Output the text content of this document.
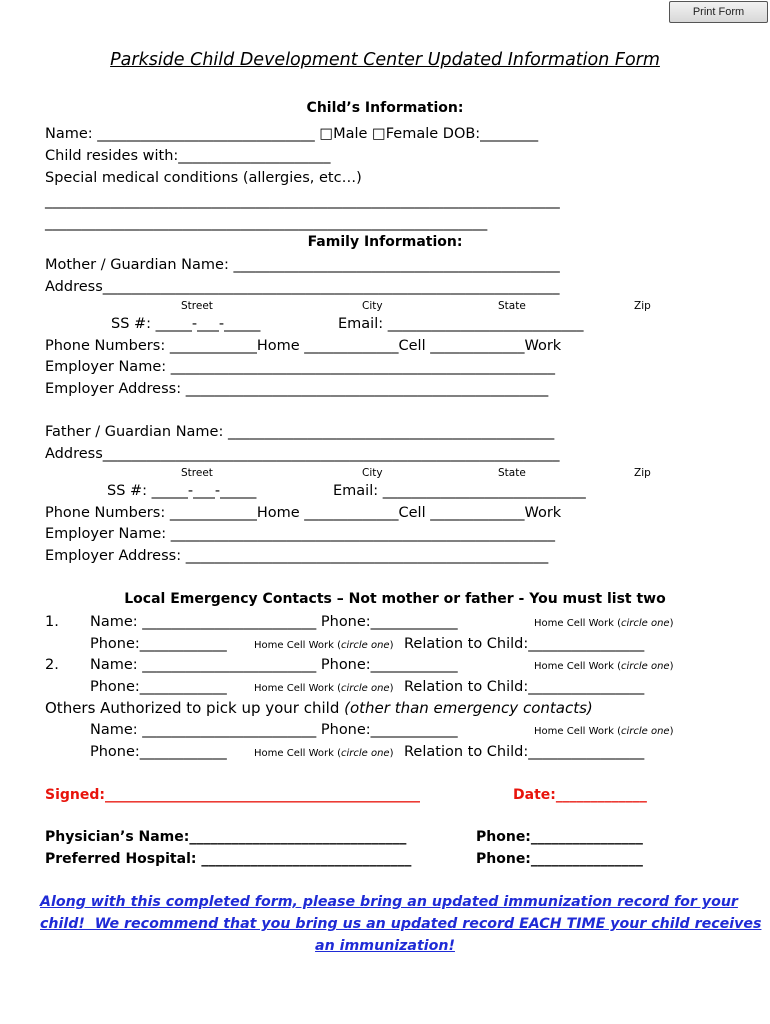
Print Form
Parkside Child Development Center Updated Information Form
Child’s Information:
Name: ______________________________ □Male □Female DOB:________
Child resides with:_____________________
Special medical conditions (allergies, etc…)
_______________________________________________________________________
_____________________________________________________________
Family Information:
Mother / Guardian Name: _____________________________________________
Address_______________________________________________________________
Street	City	State	Zip
SS #: _____-___-_____	Email: ___________________________
Phone Numbers: ____________Home _____________Cell _____________Work
Employer Name: _____________________________________________________
Employer Address: __________________________________________________
Father / Guardian Name: _____________________________________________
Address_______________________________________________________________
Street	City	State	Zip
SS #: _____-___-_____	Email: ____________________________
Phone Numbers: ____________Home _____________Cell _____________Work
Employer Name: _____________________________________________________
Employer Address: __________________________________________________
Local Emergency Contacts – Not mother or father - You must list two
1. Name: ________________________ Phone:____________	Home Cell Work (circle one)
Phone:____________	Home Cell Work (circle one) Relation to Child:________________
2. Name: ________________________ Phone:____________	Home Cell Work (circle one)
Phone:____________	Home Cell Work (circle one) Relation to Child:________________
Others Authorized to pick up your child (other than emergency contacts)
Name: ________________________ Phone:____________	Home Cell Work (circle one)
Phone:____________	Home Cell Work (circle one) Relation to Child:________________
Signed:_____________________________________________	Date:_____________
Physician’s Name:_______________________________	Phone:________________
Preferred Hospital: ______________________________	Phone:________________
Along with this completed form, please bring an updated immunization record for your
child!  We recommend that you bring us an updated record EACH TIME your child receives
an immunization!
